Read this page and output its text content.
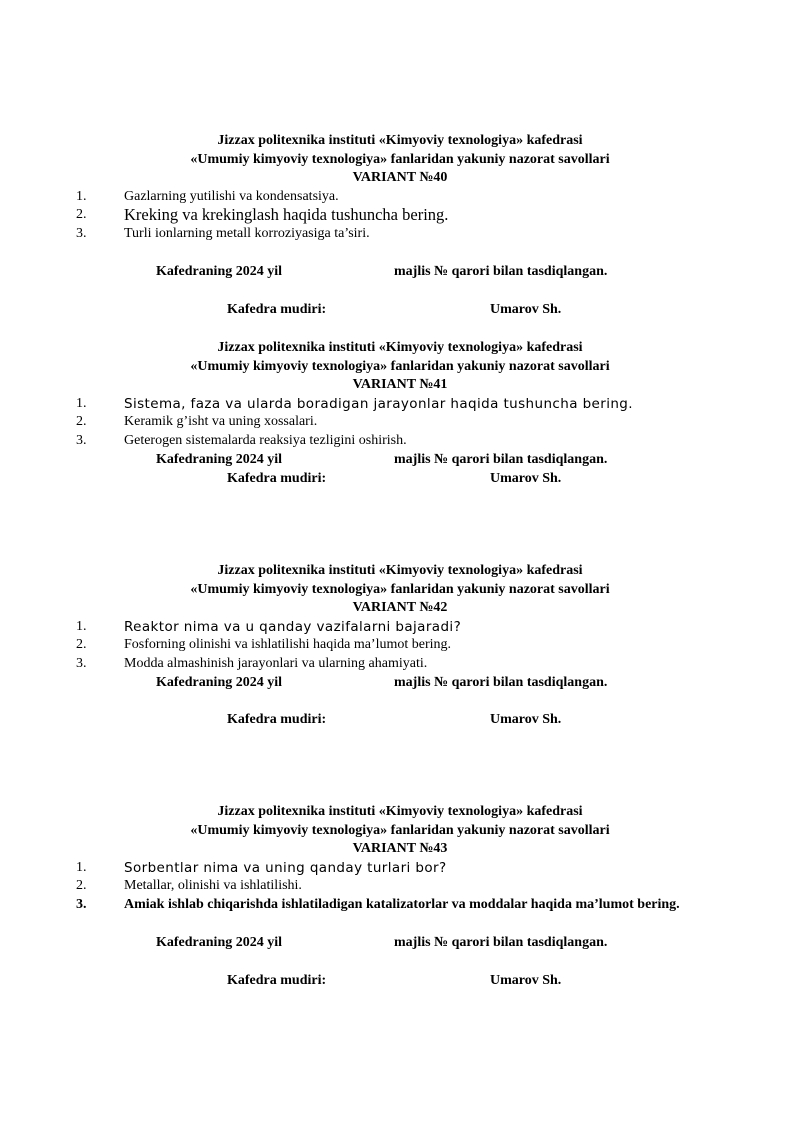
Jizzax politexnika instituti «Kimyoviy texnologiya» kafedrasi
«Umumiy kimyoviy texnologiya» fanlaridan yakuniy nazorat savollari
VARIANT №40
1.	Gazlarning yutilishi va kondensatsiya.
2. Kreking va krekinglash haqida tushuncha bering.
3.	Turli ionlarning metall korroziyasiga ta’siri.
Kafedraning 2024 yil	majlis № qarori bilan tasdiqlangan.
Kafedra mudiri:	Umarov Sh.
Jizzax politexnika instituti «Kimyoviy texnologiya» kafedrasi
«Umumiy kimyoviy texnologiya» fanlaridan yakuniy nazorat savollari
VARIANT №41
1.	Sistema, faza va ularda boradigan jarayonlar haqida tushuncha bering.
2.	Keramik g’isht va uning xossalari.
3.	Geterogen sistemalarda reaksiya tezligini oshirish.
Kafedraning 2024 yil	majlis № qarori bilan tasdiqlangan.
Kafedra mudiri:	Umarov Sh.
Jizzax politexnika instituti «Kimyoviy texnologiya» kafedrasi
«Umumiy kimyoviy texnologiya» fanlaridan yakuniy nazorat savollari
VARIANT №42
1.	Reaktor nima va u qanday vazifalarni bajaradi?
2.	Fosforning olinishi va ishlatilishi haqida ma’lumot bering.
3.	Modda almashinish jarayonlari va ularning ahamiyati.
Kafedraning 2024 yil	majlis № qarori bilan tasdiqlangan.
Kafedra mudiri:	Umarov Sh.
Jizzax politexnika instituti «Kimyoviy texnologiya» kafedrasi
«Umumiy kimyoviy texnologiya» fanlaridan yakuniy nazorat savollari
VARIANT №43
1.	Sorbentlar nima va uning qanday turlari bor?
2.	Metallar, olinishi va ishlatilishi.
3.	Amiak ishlab chiqarishda ishlatiladigan katalizatorlar va moddalar haqida ma’lumot bering.
Kafedraning 2024 yil	majlis № qarori bilan tasdiqlangan.
Kafedra mudiri:	Umarov Sh.
